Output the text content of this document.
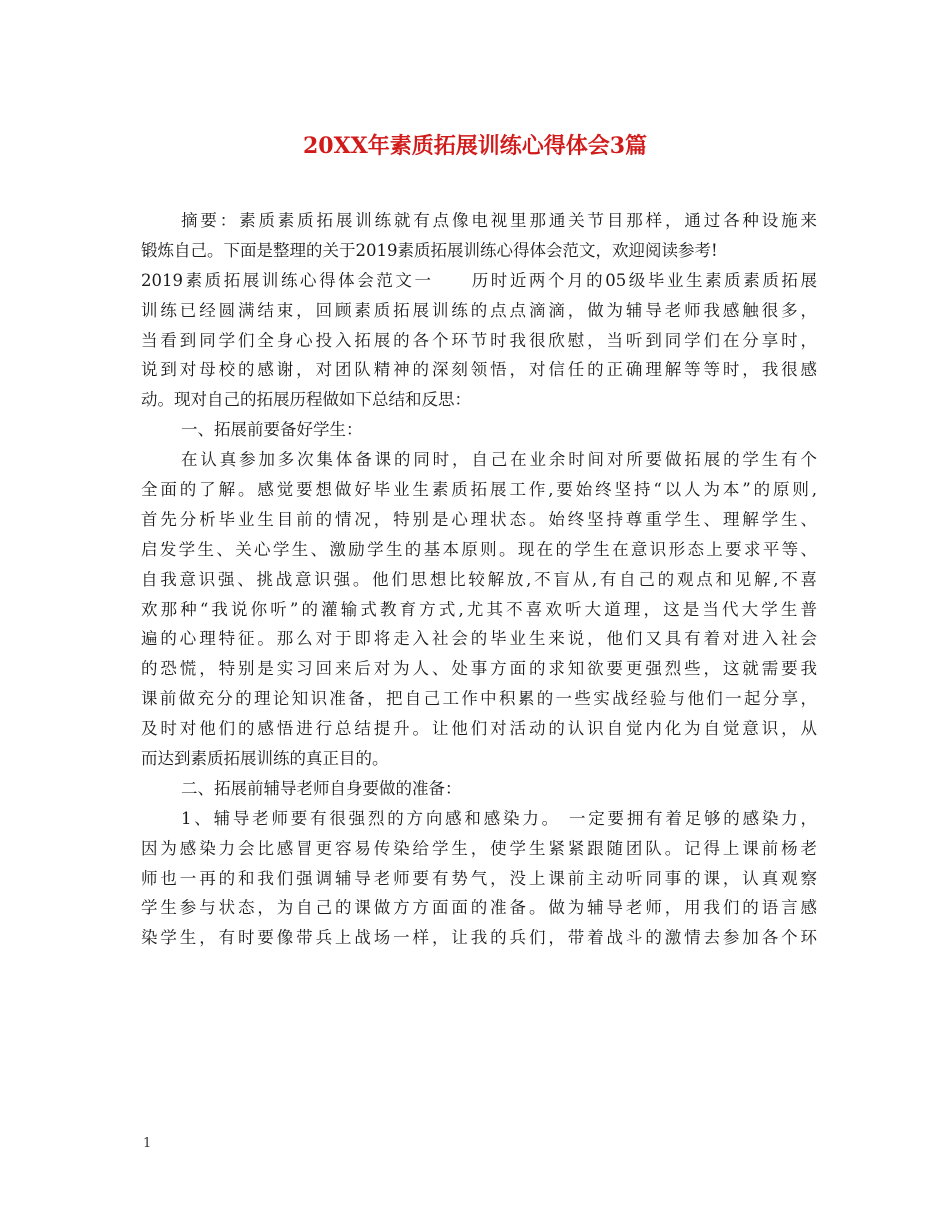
20XX年素质拓展训练心得体会3篇
摘要：素质素质拓展训练就有点像电视里那通关节目那样，通过各种设施来
锻炼自己。下面是整理的关于2019素质拓展训练心得体会范文，欢迎阅读参考!
2019素质拓展训练心得体会范文一　　历时近两个月的05级毕业生素质素质拓展
训练已经圆满结束，回顾素质拓展训练的点点滴滴，做为辅导老师我感触很多，
当看到同学们全身心投入拓展的各个环节时我很欣慰，当听到同学们在分享时，
说到对母校的感谢，对团队精神的深刻领悟，对信任的正确理解等等时，我很感
动。现对自己的拓展历程做如下总结和反思：
一、拓展前要备好学生：
在认真参加多次集体备课的同时，自己在业余时间对所要做拓展的学生有个
全面的了解。感觉要想做好毕业生素质拓展工作,要始终坚持“以人为本”的原则,
首先分析毕业生目前的情况，特别是心理状态。始终坚持尊重学生、理解学生、
启发学生、关心学生、激励学生的基本原则。现在的学生在意识形态上要求平等、
自我意识强、挑战意识强。他们思想比较解放,不盲从,有自己的观点和见解,不喜
欢那种“我说你听”的灌输式教育方式,尤其不喜欢听大道理，这是当代大学生普
遍的心理特征。那么对于即将走入社会的毕业生来说，他们又具有着对进入社会
的恐慌，特别是实习回来后对为人、处事方面的求知欲要更强烈些，这就需要我
课前做充分的理论知识准备，把自己工作中积累的一些实战经验与他们一起分享，
及时对他们的感悟进行总结提升。让他们对活动的认识自觉内化为自觉意识，从
而达到素质拓展训练的真正目的。
二、拓展前辅导老师自身要做的准备：
1、辅导老师要有很强烈的方向感和感染力。 一定要拥有着足够的感染力，
因为感染力会比感冒更容易传染给学生，使学生紧紧跟随团队。记得上课前杨老
师也一再的和我们强调辅导老师要有势气，没上课前主动听同事的课，认真观察
学生参与状态，为自己的课做方方面面的准备。做为辅导老师，用我们的语言感
染学生，有时要像带兵上战场一样，让我的兵们，带着战斗的激情去参加各个环
1
